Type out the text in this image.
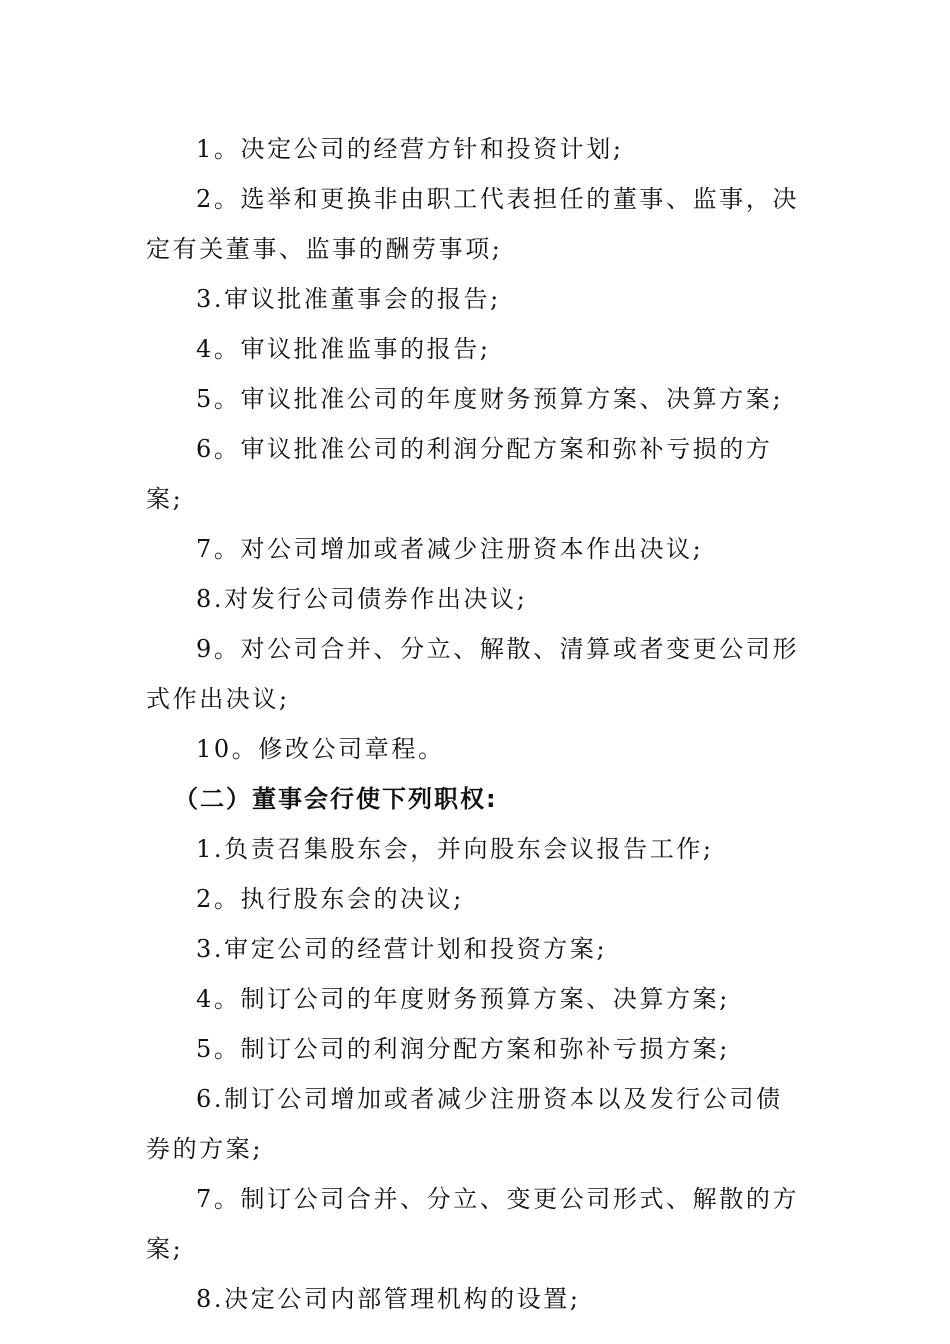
1。决定公司的经营方针和投资计划;

2。选举和更换非由职工代表担任的董事、监事，决定有关董事、监事的酬劳事项;

3.审议批准董事会的报告;

4。审议批准监事的报告;

5。审议批准公司的年度财务预算方案、决算方案;

6。审议批准公司的利润分配方案和弥补亏损的方案;

7。对公司增加或者减少注册资本作出决议;

8.对发行公司债券作出决议;

9。对公司合并、分立、解散、清算或者变更公司形式作出决议;

10。修改公司章程。

（二）董事会行使下列职权:

1.负责召集股东会，并向股东会议报告工作;

2。执行股东会的决议;

3.审定公司的经营计划和投资方案;

4。制订公司的年度财务预算方案、决算方案;

5。制订公司的利润分配方案和弥补亏损方案;

6.制订公司增加或者减少注册资本以及发行公司债券的方案;

7。制订公司合并、分立、变更公司形式、解散的方案;

8.决定公司内部管理机构的设置;
